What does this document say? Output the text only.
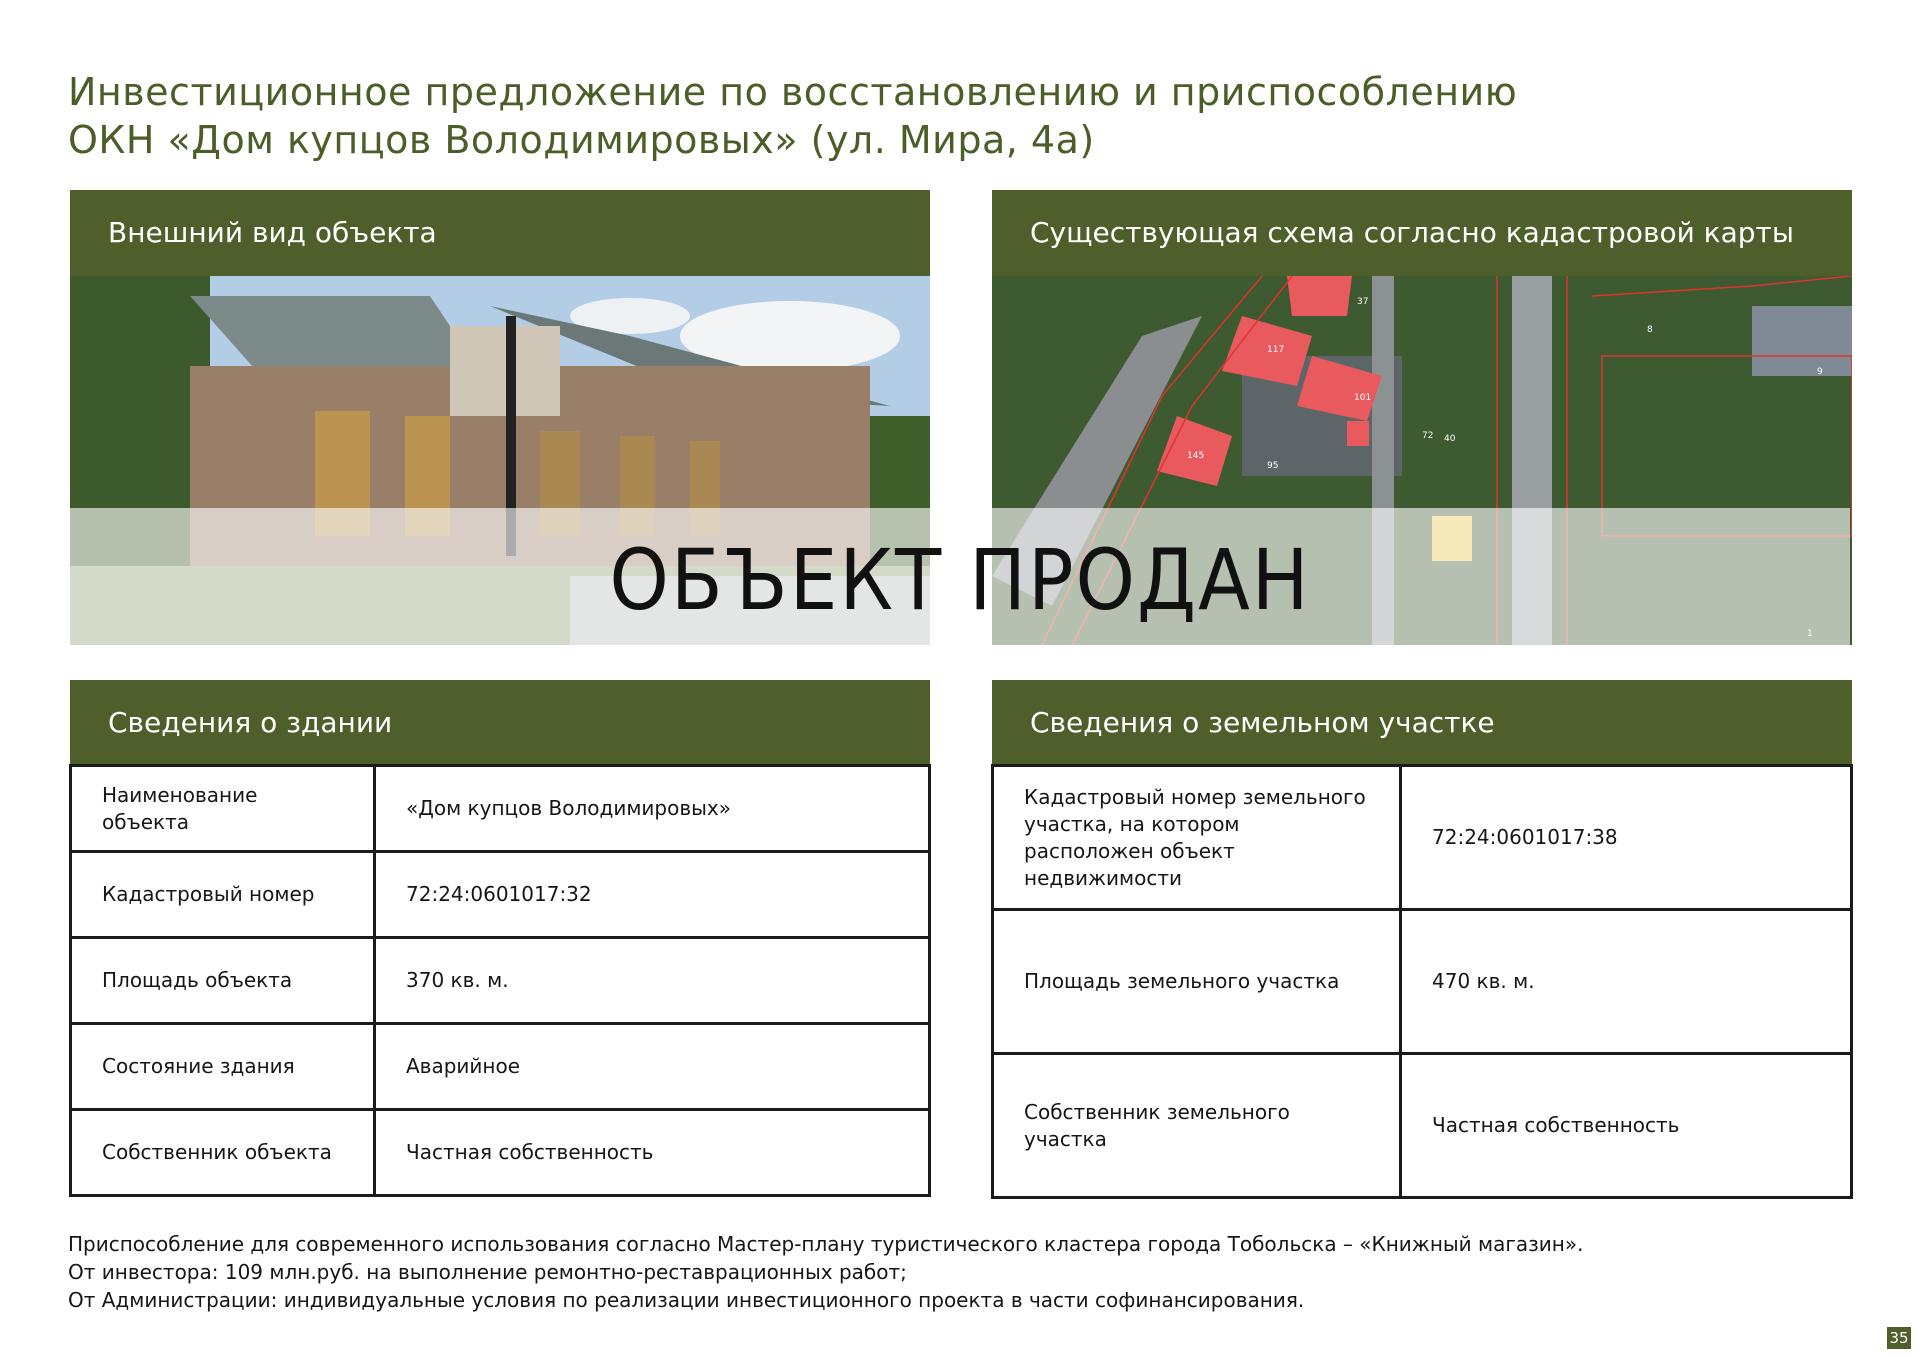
Инвестиционное предложение по восстановлению и приспособлению
ОКН «Дом купцов Володимировых» (ул. Мира, 4а)
Внешний вид объекта	Существующая схема согласно кадастровой карты
37
117
101
145
95
72 40
8
9
ОБЪЕКТ ПРОДАН
Сведения о здании
Наименование объекта	«Дом купцов Володимировых»
Кадастровый номер	72:24:0601017:32
Площадь объекта	370 кв. м.
Состояние здания	Аварийное
Собственник объекта	Частная собственность
Сведения о земельном участке
Кадастровый номер земельного участка, на котором расположен объект недвижимости	72:24:0601017:38
Площадь земельного участка	470 кв. м.
Собственник земельного участка	Частная собственность
Приспособление для современного использования согласно Мастер-плану туристического кластера города Тобольска – «Книжный магазин».
От инвестора: 109 млн.руб. на выполнение ремонтно-реставрационных работ;
От Администрации: индивидуальные условия по реализации инвестиционного проекта в части софинансирования.
35
